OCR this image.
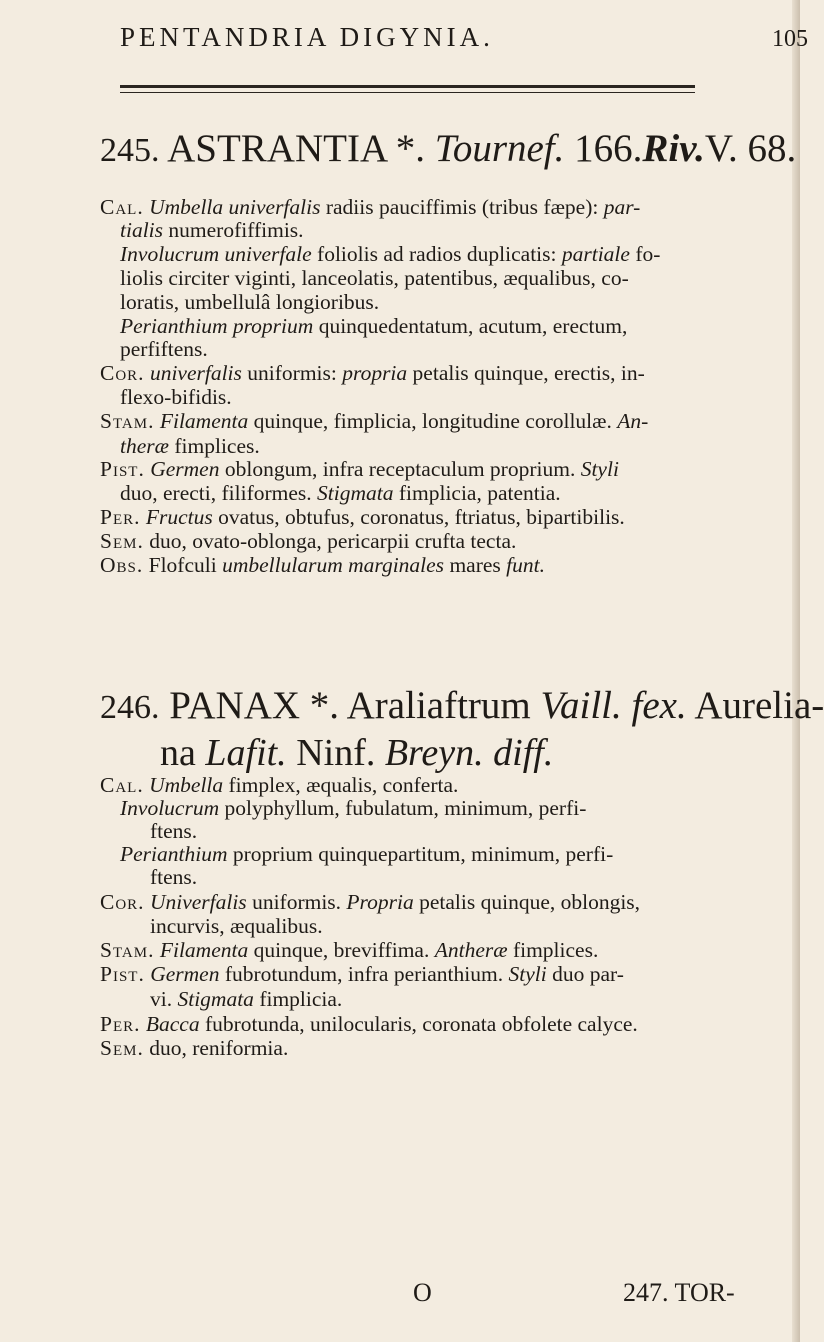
PENTANDRIA DIGYNIA.	105
245. ASTRANTIA *. Tournef. 166.Riv.V. 68.
Cal. Umbella univerfalis radiis pauciffimis (tribus fæpe): par-
tialis numerofiffimis.
Involucrum univerfale foliolis ad radios duplicatis: partiale fo-
liolis circiter viginti, lanceolatis, patentibus, æqualibus, co-
loratis, umbellulâ longioribus.
Perianthium proprium quinquedentatum, acutum, erectum,
perfiftens.
Cor. univerfalis uniformis: propria petalis quinque, erectis, in-
flexo-bifidis.
Stam. Filamenta quinque, fimplicia, longitudine corollulæ. An-
theræ fimplices.
Pist. Germen oblongum, infra receptaculum proprium. Styli
duo, erecti, filiformes. Stigmata fimplicia, patentia.
Per. Fructus ovatus, obtufus, coronatus, ftriatus, bipartibilis.
Sem. duo, ovato-oblonga, pericarpii crufta tecta.
Obs. Flofculi umbellularum marginales mares funt.
246. PANAX *. Araliaftrum Vaill. fex. Aurelia-
na Lafit. Ninf. Breyn. diff.
Cal. Umbella fimplex, æqualis, conferta.
Involucrum polyphyllum, fubulatum, minimum, perfi-
ftens.
Perianthium proprium quinquepartitum, minimum, perfi-
ftens.
Cor. Univerfalis uniformis. Propria petalis quinque, oblongis,
incurvis, æqualibus.
Stam. Filamenta quinque, breviffima. Antheræ fimplices.
Pist. Germen fubrotundum, infra perianthium. Styli duo par-
vi. Stigmata fimplicia.
Per. Bacca fubrotunda, unilocularis, coronata obfolete calyce.
Sem. duo, reniformia.
O	247. TOR-
